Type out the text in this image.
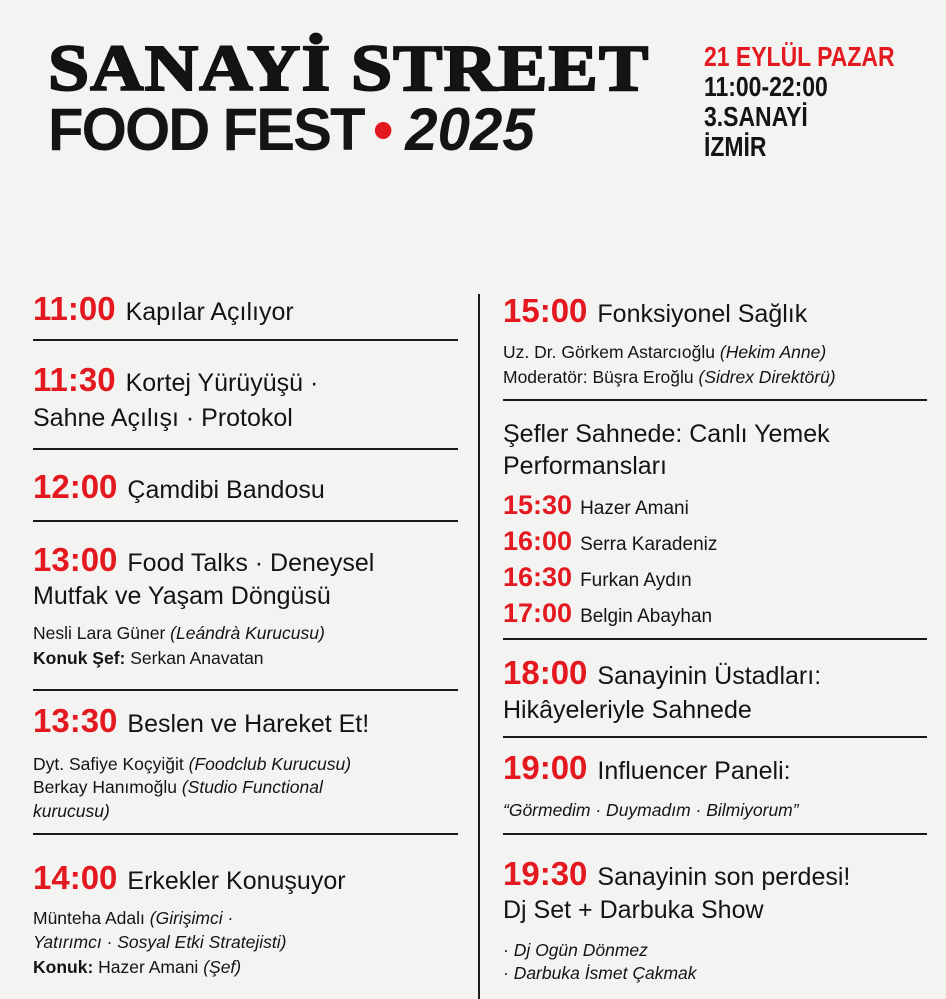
SANAYİ STREET
FOOD FEST 2025
21 EYLÜL PAZAR
11:00-22:00
3.SANAYİ
İZMİR
11:00 Kapılar Açılıyor
11:30 Kortej Yürüyüşü ·
Sahne Açılışı · Protokol
12:00 Çamdibi Bandosu
13:00 Food Talks · Deneysel
Mutfak ve Yaşam Döngüsü
Nesli Lara Güner (Leándrà Kurucusu)
Konuk Şef: Serkan Anavatan
13:30 Beslen ve Hareket Et!
Dyt. Safiye Koçyiğit (Foodclub Kurucusu)
Berkay Hanımoğlu (Studio Functional
kurucusu)
14:00 Erkekler Konuşuyor
Münteha Adalı (Girişimci ·
Yatırımcı · Sosyal Etki Stratejisti)
Konuk: Hazer Amani (Şef)
15:00 Fonksiyonel Sağlık
Uz. Dr. Görkem Astarcıoğlu (Hekim Anne)
Moderatör: Büşra Eroğlu (Sidrex Direktörü)
Şefler Sahnede: Canlı Yemek
Performansları
15:30 Hazer Amani
16:00 Serra Karadeniz
16:30 Furkan Aydın
17:00 Belgin Abayhan
18:00 Sanayinin Üstadları:
Hikâyeleriyle Sahnede
19:00 Influencer Paneli:
“Görmedim · Duymadım · Bilmiyorum”
19:30 Sanayinin son perdesi!
Dj Set + Darbuka Show
· Dj Ogün Dönmez
· Darbuka İsmet Çakmak
